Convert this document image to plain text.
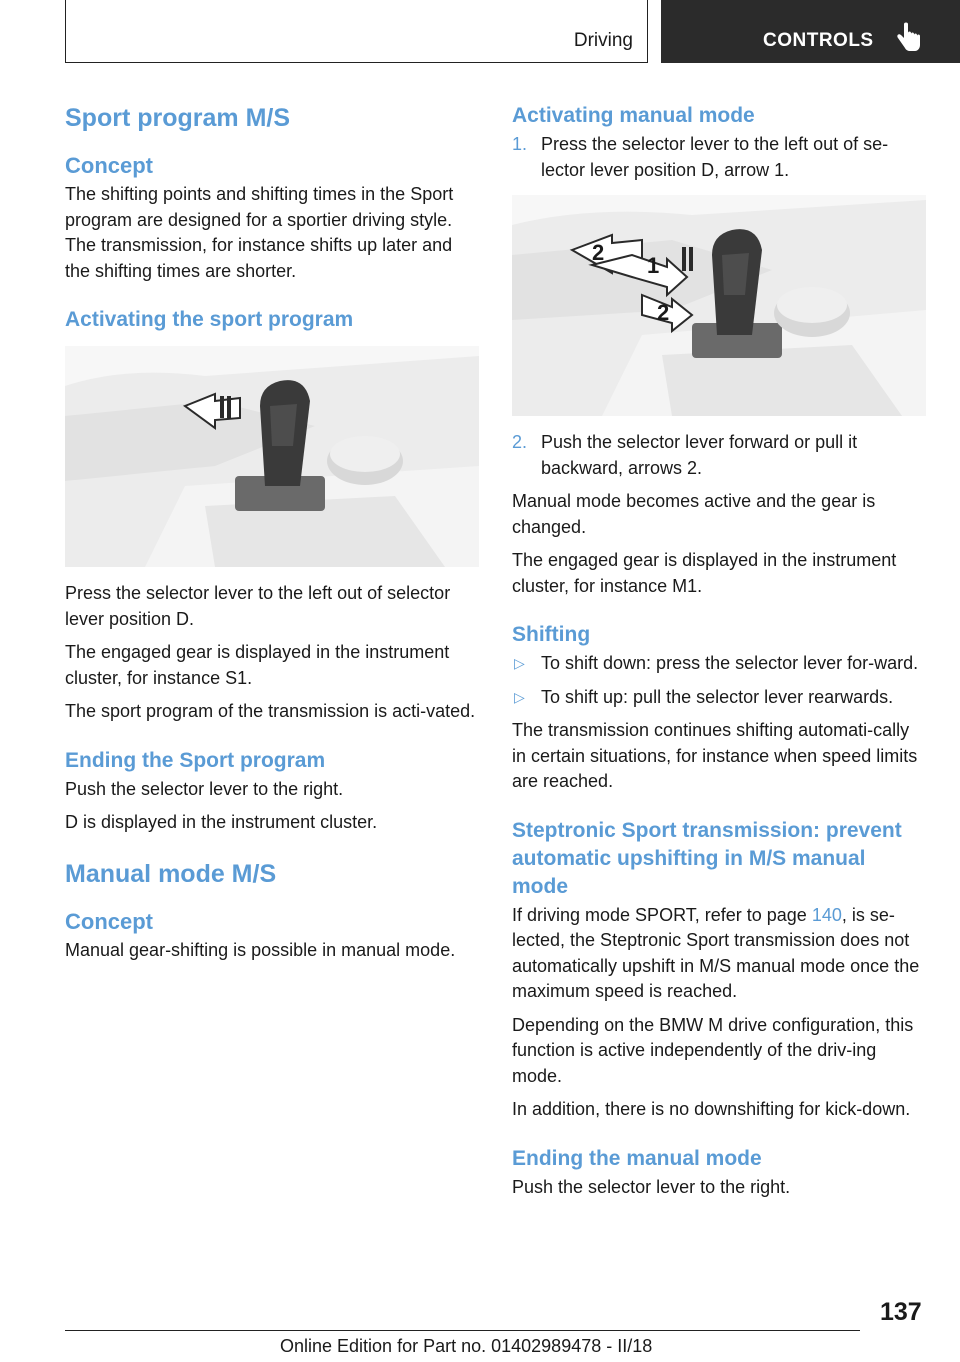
Driving	CONTROLS
Sport program M/S
Concept

The shifting points and shifting times in the Sport program are designed for a sportier driving style. The transmission, for instance shifts up later and the shifting times are shorter.

Activating the sport program

Press the selector lever to the left out of selector lever position D.

The engaged gear is displayed in the instrument cluster, for instance S1.

The sport program of the transmission is acti‐vated.

Ending the Sport program

Push the selector lever to the right.

D is displayed in the instrument cluster.

Manual mode M/S
Concept

Manual gear-shifting is possible in manual mode.

Activating manual mode
1. Press the selector lever to the left out of se‐lector lever position D, arrow 1.
2
1
2
2. Push the selector lever forward or pull it backward, arrows 2.

Manual mode becomes active and the gear is changed.

The engaged gear is displayed in the instrument cluster, for instance M1.

Shifting
▷ To shift down: press the selector lever for‐ward.
▷ To shift up: pull the selector lever rearwards.

The transmission continues shifting automati‐cally in certain situations, for instance when speed limits are reached.

Steptronic Sport transmission: prevent automatic upshifting in M/S manual mode

If driving mode SPORT, refer to page 140, is se‐lected, the Steptronic Sport transmission does not automatically upshift in M/S manual mode once the maximum speed is reached.

Depending on the BMW M drive configuration, this function is active independently of the driv‐ing mode.

In addition, there is no downshifting for kick‐down.

Ending the manual mode

Push the selector lever to the right.

137
Online Edition for Part no. 01402989478 - II/18
